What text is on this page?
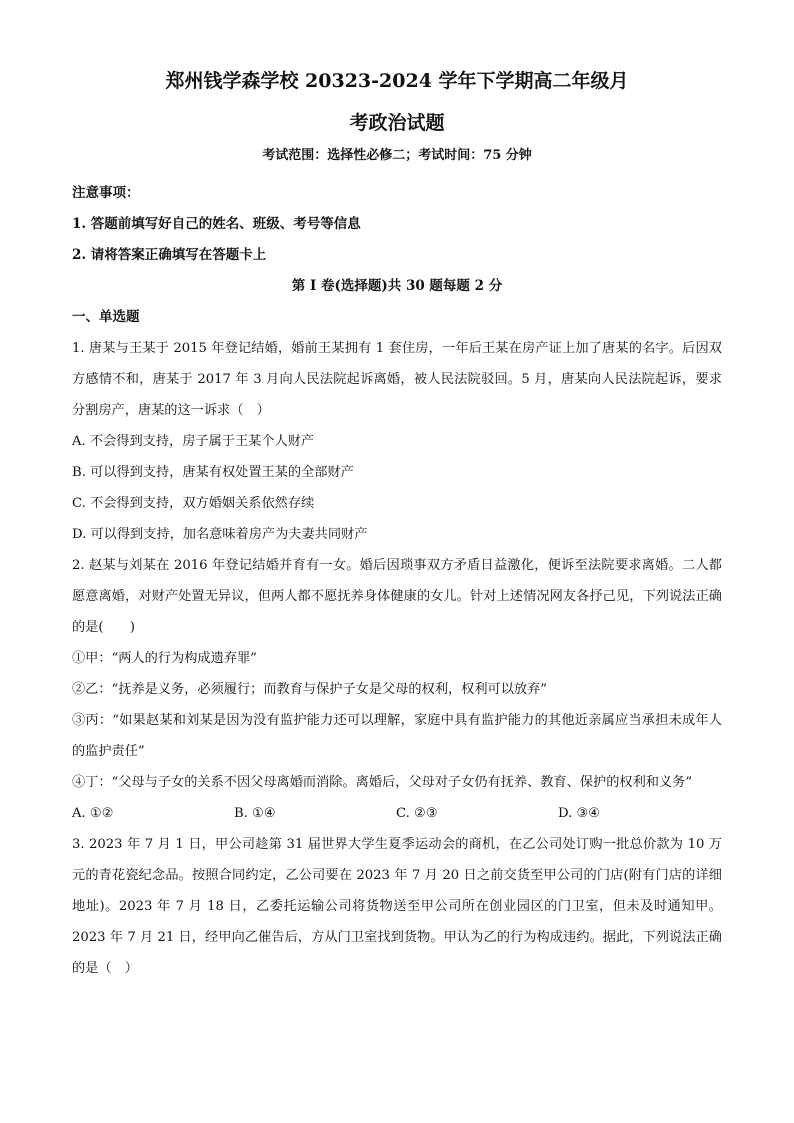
郑州钱学森学校 20323-2024 学年下学期高二年级月
考政治试题
考试范围：选择性必修二；考试时间：75 分钟
注意事项：
1. 答题前填写好自己的姓名、班级、考号等信息
2. 请将答案正确填写在答题卡上
第 I 卷(选择题)共 30 题每题 2 分
一、单选题
1. 唐某与王某于 2015 年登记结婚，婚前王某拥有 1 套住房，一年后王某在房产证上加了唐某的名字。后因双方感情不和，唐某于 2017 年 3 月向人民法院起诉离婚，被人民法院驳回。5 月，唐某向人民法院起诉，要求分割房产，唐某的这一诉求（　）
A. 不会得到支持，房子属于王某个人财产
B. 可以得到支持，唐某有权处置王某的全部财产
C. 不会得到支持，双方婚姻关系依然存续
D. 可以得到支持，加名意味着房产为夫妻共同财产
2. 赵某与刘某在 2016 年登记结婚并育有一女。婚后因琐事双方矛盾日益激化，便诉至法院要求离婚。二人都愿意离婚，对财产处置无异议，但两人都不愿抚养身体健康的女儿。针对上述情况网友各抒己见，下列说法正确的是(　　)
①甲：“两人的行为构成遗弃罪”
②乙：“抚养是义务，必须履行；而教育与保护子女是父母的权利，权利可以放弃”
③丙：“如果赵某和刘某是因为没有监护能力还可以理解，家庭中具有监护能力的其他近亲属应当承担未成年人的监护责任”
④丁：“父母与子女的关系不因父母离婚而消除。离婚后，父母对子女仍有抚养、教育、保护的权利和义务”
A. ①②	B. ①④	C. ②③	D. ③④
3. 2023 年 7 月 1 日，甲公司趁第 31 届世界大学生夏季运动会的商机，在乙公司处订购一批总价款为 10 万元的青花瓷纪念品。按照合同约定，乙公司要在 2023 年 7 月 20 日之前交货至甲公司的门店(附有门店的详细地址)。2023 年 7 月 18 日，乙委托运输公司将货物送至甲公司所在创业园区的门卫室，但未及时通知甲。2023 年 7 月 21 日，经甲向乙催告后，方从门卫室找到货物。甲认为乙的行为构成违约。据此，下列说法正确的是（　）
